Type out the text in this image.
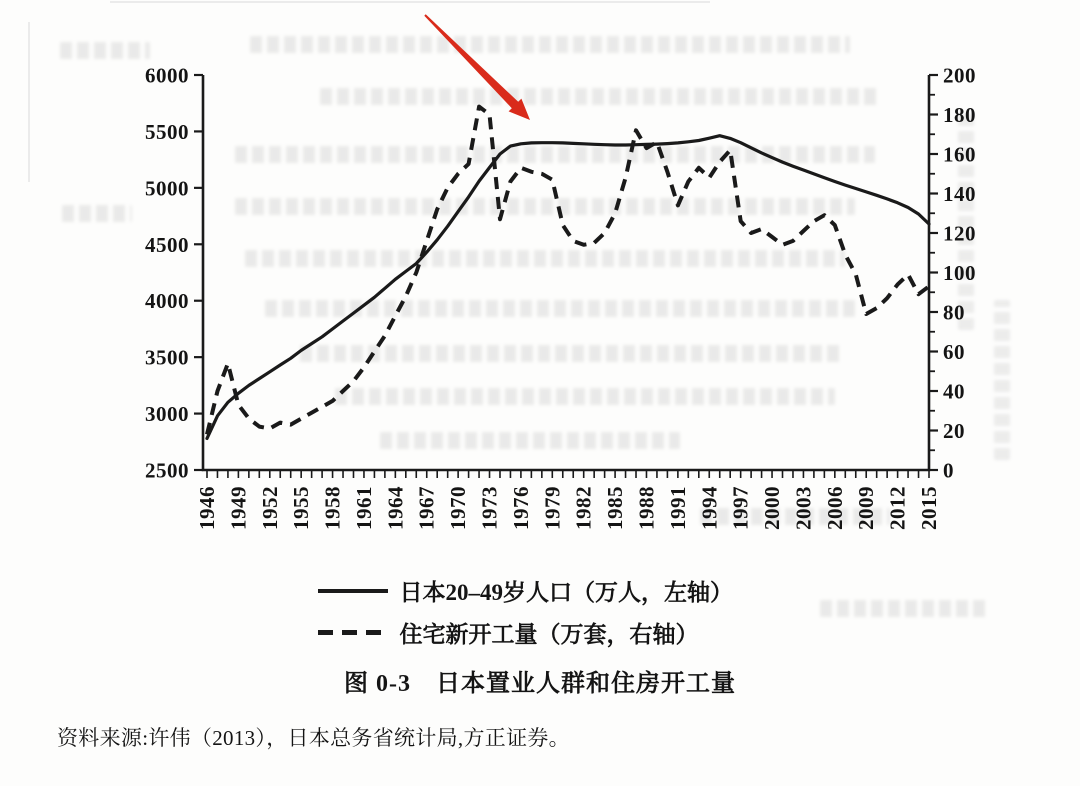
6000
5500
5000
4500
4000
3500
3000
2500
200
180
160
140
120
100
80
60
40
20
0
1946 1949 1952 1955 1958 1961 1964 1967 1970 1973 1976 1979 1982 1985 1988 1991 1994 1997 2000 2003 2006 2009 2012 2015
日本20–49岁人口（万人，左轴）
住宅新开工量（万套，右轴）
图 0-3　日本置业人群和住房开工量
资料来源:许伟（2013），日本总务省统计局,方正证券。
